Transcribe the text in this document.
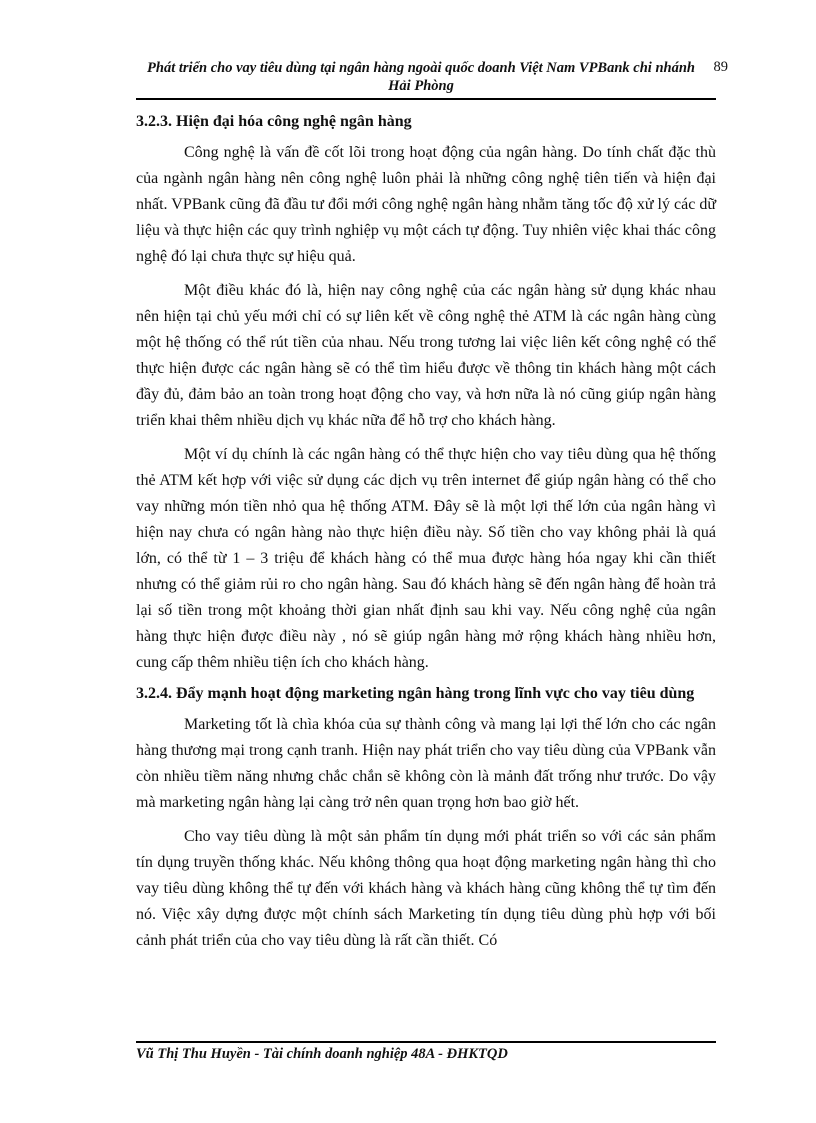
Phát triển cho vay tiêu dùng tại ngân hàng ngoài quốc doanh Việt Nam VPBank chi nhánh Hải Phòng
89
3.2.3. Hiện đại hóa công nghệ ngân hàng

Công nghệ là vấn đề cốt lõi trong hoạt động của ngân hàng. Do tính chất đặc thù của ngành ngân hàng nên công nghệ luôn phải là những công nghệ tiên tiến và hiện đại nhất. VPBank cũng đã đầu tư đổi mới công nghệ ngân hàng nhằm tăng tốc độ xử lý các dữ liệu và thực hiện các quy trình nghiệp vụ một cách tự động. Tuy nhiên việc khai thác công nghệ đó lại chưa thực sự hiệu quả.

Một điều khác đó là, hiện nay công nghệ của các ngân hàng sử dụng khác nhau nên hiện tại chủ yếu mới chỉ có sự liên kết về công nghệ thẻ ATM là các ngân hàng cùng một hệ thống có thể rút tiền của nhau. Nếu trong tương lai việc liên kết công nghệ có thể thực hiện được các ngân hàng sẽ có thể tìm hiểu được về thông tin khách hàng một cách đầy đủ, đảm bảo an toàn trong hoạt động cho vay, và hơn nữa là nó cũng giúp ngân hàng triển khai thêm nhiều dịch vụ khác nữa để hỗ trợ cho khách hàng.

Một ví dụ chính là các ngân hàng có thể thực hiện cho vay tiêu dùng qua hệ thống thẻ ATM kết hợp với việc sử dụng các dịch vụ trên internet để giúp ngân hàng có thể cho vay những món tiền nhỏ qua hệ thống ATM. Đây sẽ là một lợi thế lớn của ngân hàng vì hiện nay chưa có ngân hàng nào thực hiện điều này. Số tiền cho vay không phải là quá lớn, có thể từ 1 – 3 triệu để khách hàng có thể mua được hàng hóa ngay khi cần thiết nhưng có thể giảm rủi ro cho ngân hàng. Sau đó khách hàng sẽ đến ngân hàng để hoàn trả lại số tiền trong một khoảng thời gian nhất định sau khi vay. Nếu công nghệ của ngân hàng thực hiện được điều này , nó sẽ giúp ngân hàng mở rộng khách hàng nhiều hơn, cung cấp thêm nhiều tiện ích cho khách hàng.

3.2.4. Đẩy mạnh hoạt động marketing ngân hàng trong lĩnh vực cho vay tiêu dùng

Marketing tốt là chìa khóa của sự thành công và mang lại lợi thế lớn cho các ngân hàng thương mại trong cạnh tranh. Hiện nay phát triển cho vay tiêu dùng của VPBank vẫn còn nhiều tiềm năng nhưng chắc chắn sẽ không còn là mảnh đất trống như trước. Do vậy mà marketing ngân hàng lại càng trở nên quan trọng hơn bao giờ hết.

Cho vay tiêu dùng là một sản phẩm tín dụng mới phát triển so với các sản phẩm tín dụng truyền thống khác. Nếu không thông qua hoạt động marketing ngân hàng thì cho vay tiêu dùng không thể tự đến với khách hàng và khách hàng cũng không thể tự tìm đến nó. Việc xây dựng được một chính sách Marketing tín dụng tiêu dùng phù hợp với bối cảnh phát triển của cho vay tiêu dùng là rất cần thiết. Có

Vũ Thị Thu Huyền - Tài chính doanh nghiệp 48A - ĐHKTQD
